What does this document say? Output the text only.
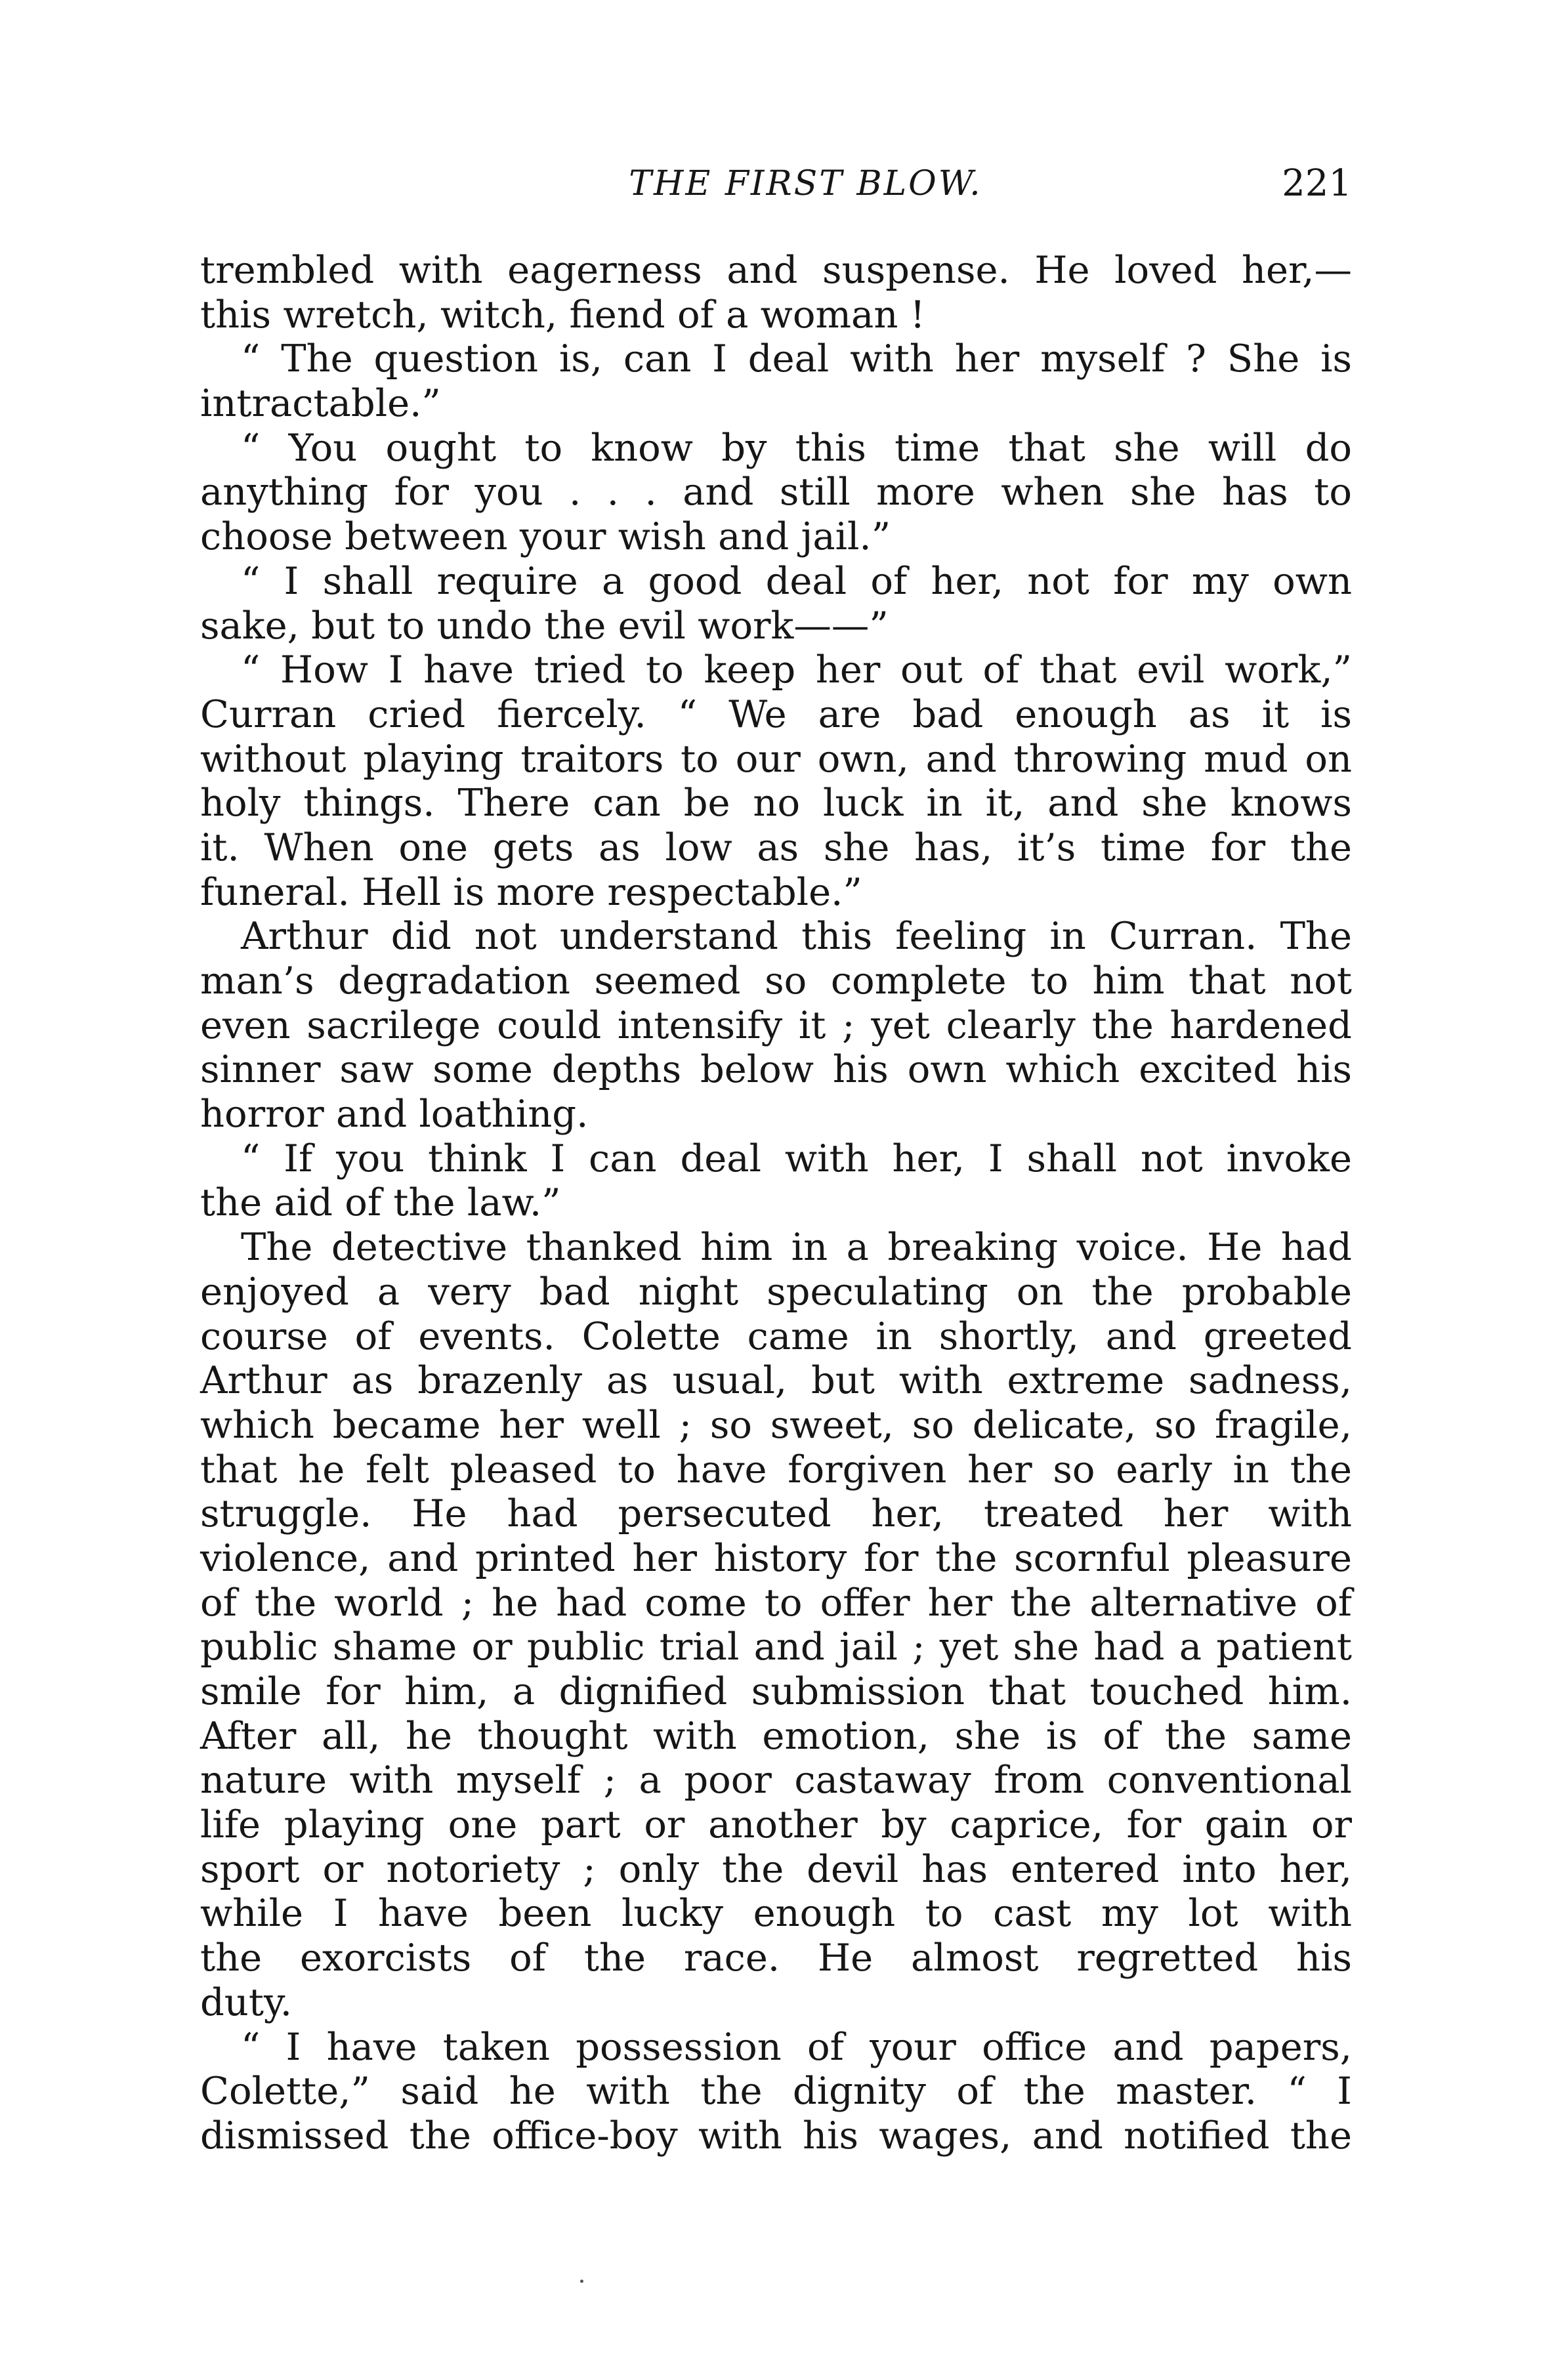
THE FIRST BLOW.	221
trembled with eagerness and suspense. He loved her,—
this wretch, witch, fiend of a woman !
“ The question is, can I deal with her myself ? She is
intractable.”
“ You ought to know by this time that she will do
anything for you . . . and still more when she has to
choose between your wish and jail.”
“ I shall require a good deal of her, not for my own
sake, but to undo the evil work——”
“ How I have tried to keep her out of that evil work,”
Curran cried fiercely. “ We are bad enough as it is
without playing traitors to our own, and throwing mud on
holy things. There can be no luck in it, and she knows
it. When one gets as low as she has, it’s time for the
funeral. Hell is more respectable.”
Arthur did not understand this feeling in Curran. The
man’s degradation seemed so complete to him that not
even sacrilege could intensify it ; yet clearly the hardened
sinner saw some depths below his own which excited his
horror and loathing.
“ If you think I can deal with her, I shall not invoke
the aid of the law.”
The detective thanked him in a breaking voice. He had
enjoyed a very bad night speculating on the probable
course of events. Colette came in shortly, and greeted
Arthur as brazenly as usual, but with extreme sadness,
which became her well ; so sweet, so delicate, so fragile,
that he felt pleased to have forgiven her so early in the
struggle. He had persecuted her, treated her with
violence, and printed her history for the scornful pleasure
of the world ; he had come to offer her the alternative of
public shame or public trial and jail ; yet she had a patient
smile for him, a dignified submission that touched him.
After all, he thought with emotion, she is of the same
nature with myself ; a poor castaway from conventional
life playing one part or another by caprice, for gain or
sport or notoriety ; only the devil has entered into her,
while I have been lucky enough to cast my lot with
the exorcists of the race. He almost regretted his
duty.
“ I have taken possession of your office and papers,
Colette,” said he with the dignity of the master. “ I
dismissed the office-boy with his wages, and notified the
